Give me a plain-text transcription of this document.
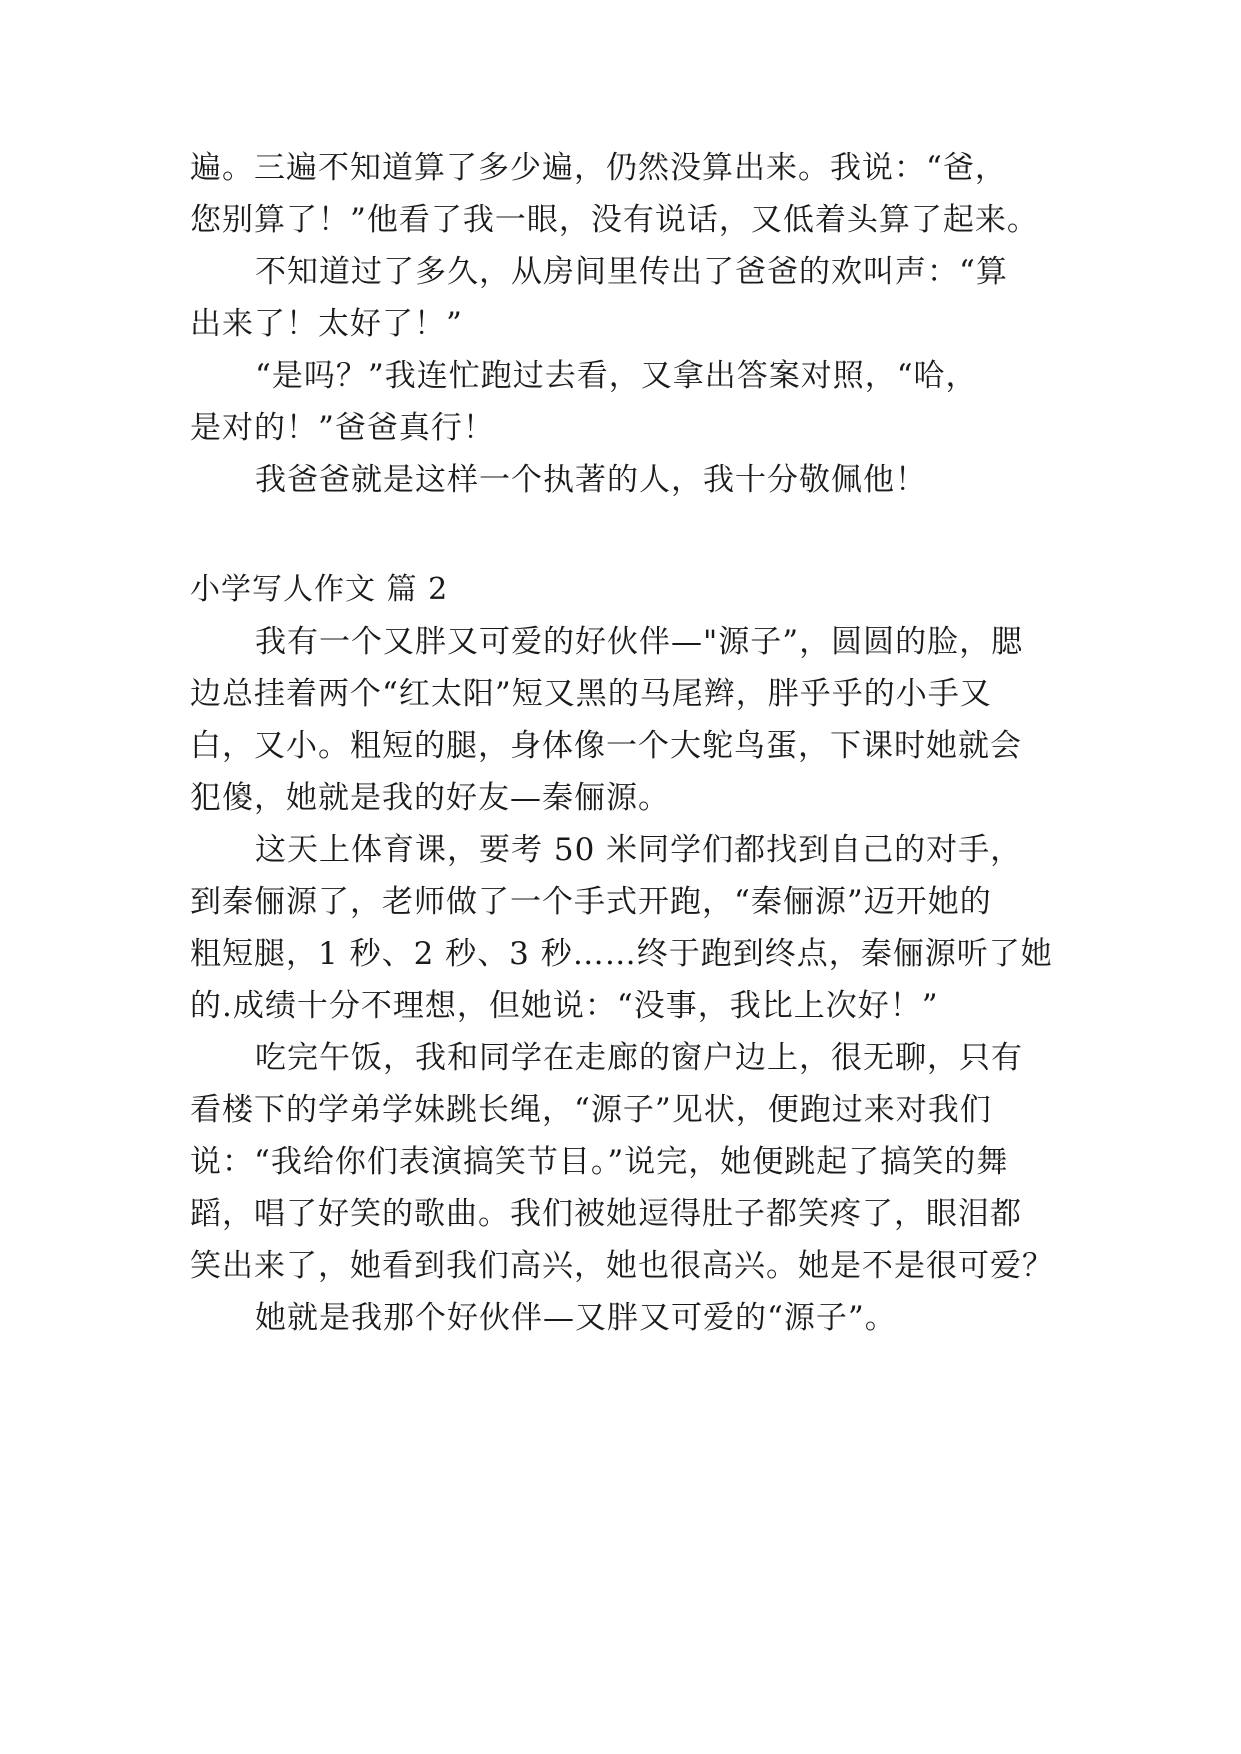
遍。三遍不知道算了多少遍，仍然没算出来。我说：“爸，

您别算了！”他看了我一眼，没有说话，又低着头算了起来。

不知道过了多久，从房间里传出了爸爸的欢叫声：“算

出来了！太好了！”

“是吗？”我连忙跑过去看，又拿出答案对照，“哈，

是对的！”爸爸真行！

我爸爸就是这样一个执著的人，我十分敬佩他！

小学写人作文 篇 2

我有一个又胖又可爱的好伙伴—"源子”，圆圆的脸，腮

边总挂着两个“红太阳”短又黑的马尾辫，胖乎乎的小手又

白，又小。粗短的腿，身体像一个大鸵鸟蛋，下课时她就会

犯傻，她就是我的好友—秦俪源。

这天上体育课，要考 50 米同学们都找到自己的对手，

到秦俪源了，老师做了一个手式开跑，“秦俪源”迈开她的

粗短腿，1 秒、2 秒、3 秒……终于跑到终点，秦俪源听了她

的.成绩十分不理想，但她说：“没事，我比上次好！”

吃完午饭，我和同学在走廊的窗户边上，很无聊，只有

看楼下的学弟学妹跳长绳，“源子”见状，便跑过来对我们

说：“我给你们表演搞笑节目。”说完，她便跳起了搞笑的舞

蹈，唱了好笑的歌曲。我们被她逗得肚子都笑疼了，眼泪都

笑出来了，她看到我们高兴，她也很高兴。她是不是很可爱？

她就是我那个好伙伴—又胖又可爱的“源子”。
